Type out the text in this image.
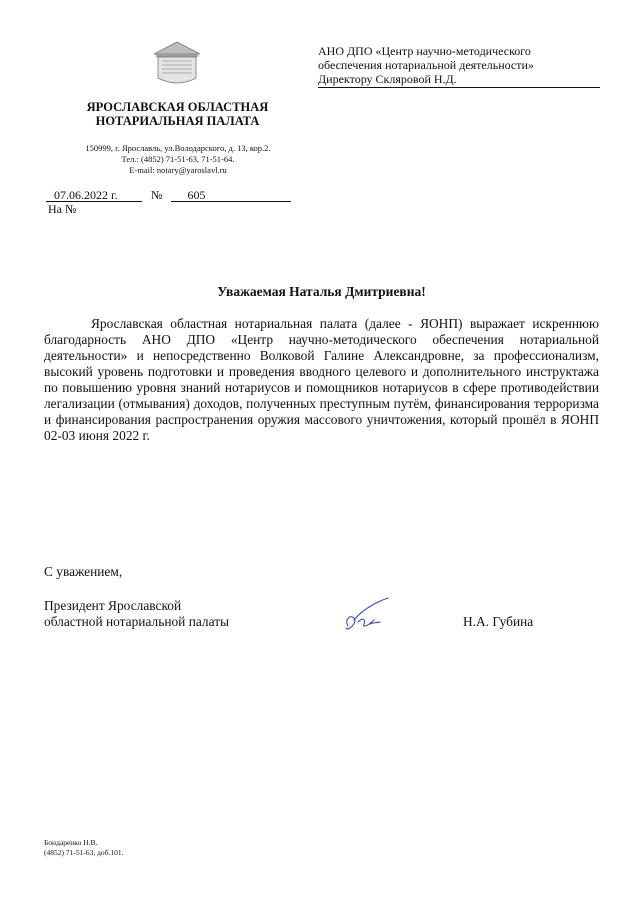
ЯРОСЛАВСКАЯ ОБЛАСТНАЯ
НОТАРИАЛЬНАЯ ПАЛАТА
150999, г. Ярославль, ул.Володарского, д. 13, кор.2.
Тел.: (4852) 71-51-63, 71-51-64.
E-mail: notary@yaroslavl.ru
07.06.2022 г.	№ 605
На №
АНО ДПО «Центр научно-методического
обеспечения нотариальной деятельности»
Директору Скляровой Н.Д.
Уважаемая Наталья Дмитриевна!
Ярославская областная нотариальная палата (далее - ЯОНП) выражает искреннюю благодарность АНО ДПО «Центр научно-методического обеспечения нотариальной деятельности» и непосредственно Волковой Галине Александровне, за профессионализм, высокий уровень подготовки и проведения вводного целевого и дополнительного инструктажа по повышению уровня знаний нотариусов и помощников нотариусов в сфере противодействии легализации (отмывания) доходов, полученных преступным путём, финансирования терроризма и финансирования распространения оружия массового уничтожения, который прошёл в ЯОНП 02-03 июня 2022 г.
С уважением,
Президент Ярославской
областной нотариальной палаты	Н.А. Губина
Бондаренко Н.В.
(4852) 71-51-63, доб.101.
